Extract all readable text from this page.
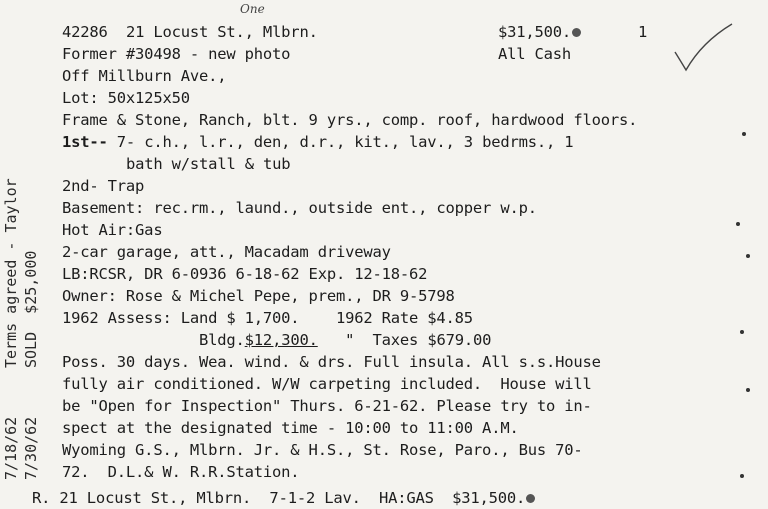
42286 21 Locust St., Mlbrn.
One
$31,500.	1
Former #30498 - new photo	All Cash
Off Millburn Ave.,
Lot: 50x125x50
Frame & Stone, Ranch, blt. 9 yrs., comp. roof, hardwood floors.
1st-- 7- c.h., l.r., den, d.r., kit., lav., 3 bedrms., 1
bath w/stall & tub
2nd- Trap
Basement: rec.rm., laund., outside ent., copper w.p.
Hot Air:Gas
2-car garage, att., Macadam driveway
LB:RCSR, DR 6-0936 6-18-62 Exp. 12-18-62
Owner: Rose & Michel Pepe, prem., DR 9-5798
1962 Assess: Land $ 1,700.    1962 Rate $4.85
Bldg.$12,300.   "  Taxes $679.00
Poss. 30 days. Wea. wind. & drs. Full insula. All s.s.House
fully air conditioned. W/W carpeting included.  House will
be "Open for Inspection" Thurs. 6-21-62. Please try to in-
spect at the designated time - 10:00 to 11:00 A.M.
Wyoming G.S., Mlbrn. Jr. & H.S., St. Rose, Paro., Bus 70-
72.  D.L.& W. R.R.Station.
R. 21 Locust St., Mlbrn.  7-1-2 Lav.  HA:GAS  $31,500.
7/18/62 7/30/62
Terms agreed - Taylor SOLD  $25,000
